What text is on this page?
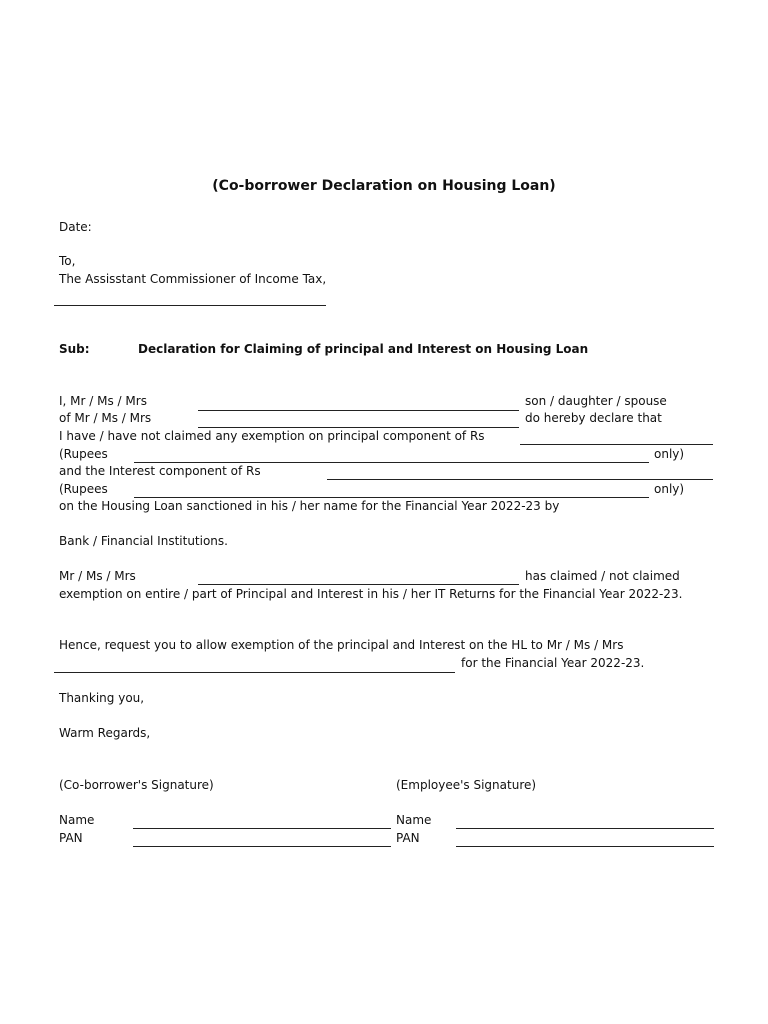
(Co-borrower Declaration on Housing Loan)
Date:
To,
The Assisstant Commissioner of Income Tax,
Sub:	Declaration for Claiming of principal and Interest on Housing Loan
I, Mr / Ms / Mrs	son / daughter / spouse
of Mr / Ms / Mrs	do hereby declare that
I have / have not claimed any exemption on principal component of Rs
(Rupees	only)
and the Interest component of Rs
(Rupees	only)
on the Housing Loan sanctioned in his / her name for the Financial Year 2022-23 by
Bank / Financial Institutions.
Mr / Ms / Mrs	has claimed / not claimed
exemption on entire / part of Principal and Interest in his / her IT Returns for the Financial Year 2022-23.
Hence, request you to allow exemption of the principal and Interest on the HL to Mr / Ms / Mrs
for the Financial Year 2022-23.
Thanking you,
Warm Regards,
(Co-borrower's Signature)	(Employee's Signature)
Name	Name
PAN	PAN
